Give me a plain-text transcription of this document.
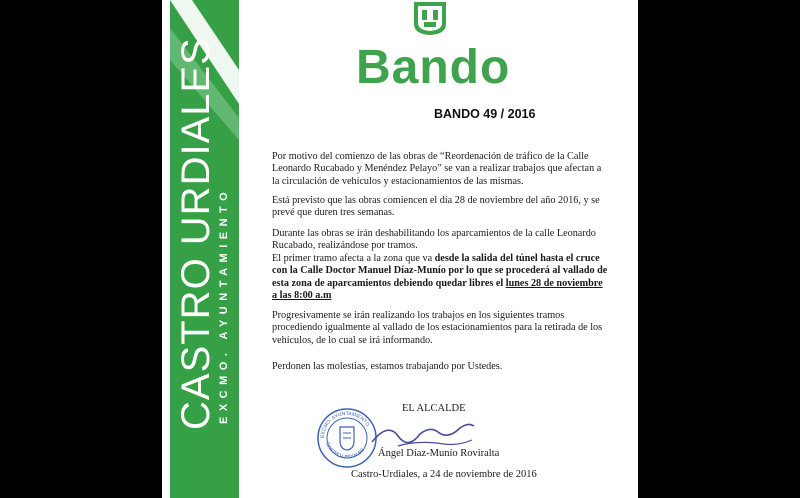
CASTRO URDIALES EXCMO. AYUNTAMIENTO
Bando
BANDO 49 / 2016
Por motivo del comienzo de las obras de “Reordenación de tráfico de la Calle Leonardo Rucabado y Menéndez Pelayo” se van a realizar trabajos que afectan a la circulación de vehículos y estacionamientos de las mismas.
Está previsto que las obras comiencen el día 28 de noviembre del año 2016, y se prevé que duren tres semanas.
Durante las obras se irán deshabilitando los aparcamientos de la calle Leonardo Rucabado, realizándose por tramos.
El primer tramo afecta a la zona que va desde la salida del túnel hasta el cruce con la Calle Doctor Manuel Díaz-Munío por lo que se procederá al vallado de esta zona de aparcamientos debiendo quedar libres el lunes 28 de noviembre a las 8:00 a.m
Progresivamente se irán realizando los trabajos en los siguientes tramos procediendo igualmente al vallado de los estacionamientos para la retirada de los vehículos, de lo cual se irá informando.
Perdonen las molestias, estamos trabajando por Ustedes.
EXCMO. AYUNTAMIENTO
CASTRO-URDIALES
EL ALCALDE
Ángel Díaz-Munío Roviralta
Castro-Urdiales, a 24 de noviembre de 2016
